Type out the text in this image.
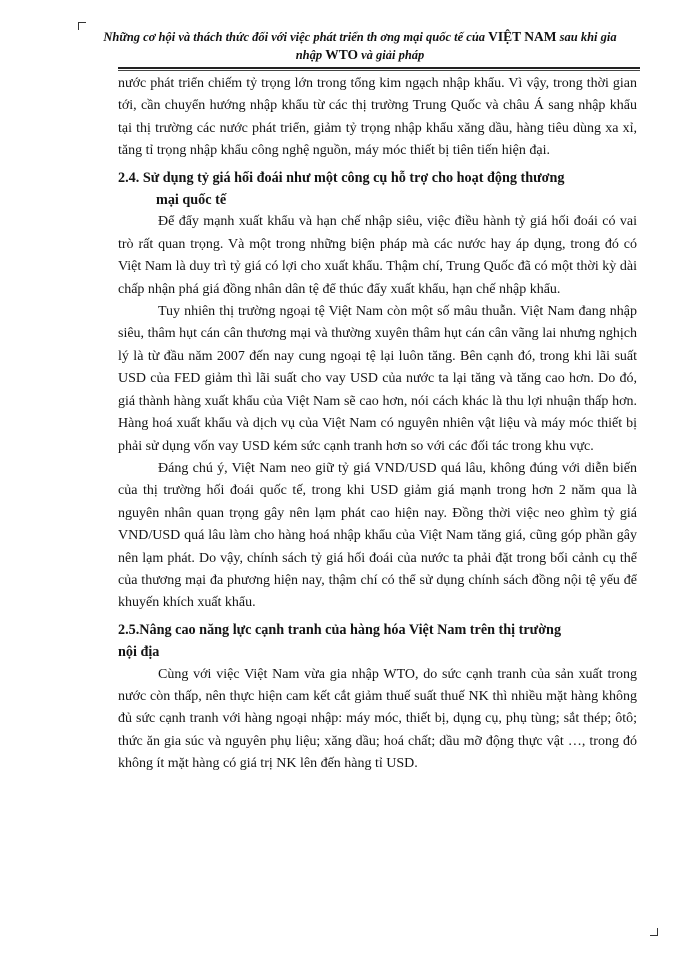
Những cơ hội và thách thức đối với việc phát triển th ơng mại quốc tế của VIỆT NAM sau khi gia
nhập WTO và giải pháp

nước phát triển chiếm tỷ trọng lớn trong tổng kim ngạch nhập khẩu. Vì vậy, trong thời gian tới, cần chuyển hướng nhập khẩu từ các thị trường Trung Quốc và châu Á sang nhập khẩu tại thị trường các nước phát triển, giảm tỷ trọng nhập khẩu xăng dầu, hàng tiêu dùng xa xỉ, tăng tỉ trọng nhập khẩu công nghệ nguồn, máy móc thiết bị tiên tiến hiện đại.

2.4. Sử dụng tỷ giá hối đoái như một công cụ hỗ trợ cho hoạt động thương
mại quốc tế

Để đẩy mạnh xuất khẩu và hạn chế nhập siêu, việc điều hành tỷ giá hối đoái có vai trò rất quan trọng. Và một trong những biện pháp mà các nước hay áp dụng, trong đó có Việt Nam là duy trì tỷ giá có lợi cho xuất khẩu. Thậm chí, Trung Quốc đã có một thời kỳ dài chấp nhận phá giá đồng nhân dân tệ để thúc đẩy xuất khẩu, hạn chế nhập khẩu.

Tuy nhiên thị trường ngoại tệ Việt Nam còn một số mâu thuẫn. Việt Nam đang nhập siêu, thâm hụt cán cân thương mại và thường xuyên thâm hụt cán cân vãng lai nhưng nghịch lý là từ đầu năm 2007 đến nay cung ngoại tệ lại luôn tăng. Bên cạnh đó, trong khi lãi suất USD của FED giảm thì lãi suất cho vay USD của nước ta lại tăng và tăng cao hơn. Do đó, giá thành hàng xuất khẩu của Việt Nam sẽ cao hơn, nói cách khác là thu lợi nhuận thấp hơn. Hàng hoá xuất khẩu và dịch vụ của Việt Nam có nguyên nhiên vật liệu và máy móc thiết bị phải sử dụng vốn vay USD kém sức cạnh tranh hơn so với các đối tác trong khu vực.

Đáng chú ý, Việt Nam neo giữ tỷ giá VND/USD quá lâu, không đúng với diễn biến của thị trường hối đoái quốc tế, trong khi USD giảm giá mạnh trong hơn 2 năm qua là nguyên nhân quan trọng gây nên lạm phát cao hiện nay. Đồng thời việc neo ghìm tỷ giá VND/USD quá lâu làm cho hàng hoá nhập khẩu của Việt Nam tăng giá, cũng góp phần gây nên lạm phát. Do vậy, chính sách tỷ giá hối đoái của nước ta phải đặt trong bối cảnh cụ thể của thương mại đa phương hiện nay, thậm chí có thể sử dụng chính sách đồng nội tệ yếu để khuyến khích xuất khẩu.

2.5.Nâng cao năng lực cạnh tranh của hàng hóa Việt Nam trên thị trường
nội địa

Cùng với việc Việt Nam vừa gia nhập WTO, do sức cạnh tranh của sản xuất trong nước còn thấp, nên thực hiện cam kết cắt giảm thuế suất thuế NK thì nhiều mặt hàng không đủ sức cạnh tranh với hàng ngoại nhập: máy móc, thiết bị, dụng cụ, phụ tùng; sắt thép; ôtô; thức ăn gia súc và nguyên phụ liệu; xăng dầu; hoá chất; dầu mỡ động thực vật …, trong đó không ít mặt hàng có giá trị NK lên đến hàng tỉ USD.
